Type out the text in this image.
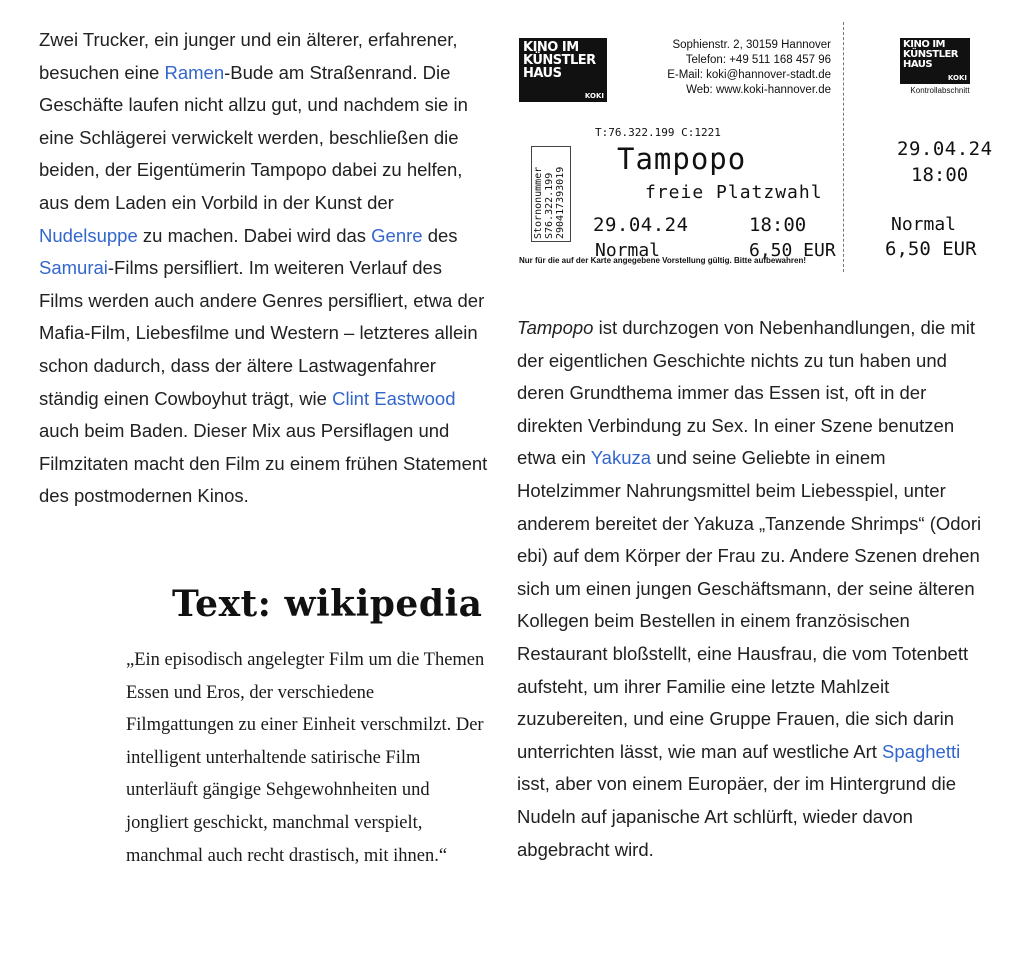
Zwei Trucker, ein junger und ein älterer, erfahrener, besuchen eine Ramen-Bude am Straßenrand. Die Geschäfte laufen nicht allzu gut, und nachdem sie in eine Schlägerei verwickelt werden, beschließen die beiden, der Eigentümerin Tampopo dabei zu helfen, aus dem Laden ein Vorbild in der Kunst der Nudelsuppe zu machen. Dabei wird das Genre des Samurai-Films persifliert. Im weiteren Verlauf des Films werden auch andere Genres persifliert, etwa der Mafia-Film, Liebesfilme und Western – letzteres allein schon dadurch, dass der ältere Lastwagenfahrer ständig einen Cowboyhut trägt, wie Clint Eastwood auch beim Baden. Dieser Mix aus Persiflagen und Filmzitaten macht den Film zu einem frühen Statement des postmodernen Kinos.

Text: wikipedia

„Ein episodisch angelegter Film um die Themen Essen und Eros, der verschiedene Filmgattungen zu einer Einheit verschmilzt. Der intelligent unterhaltende satirische Film unterläuft gängige Sehgewohnheiten und jongliert geschickt, manchmal verspielt, manchmal auch recht drastisch, mit ihnen.“

KINO IM
KÜNSTLER
HAUS
KOKI
Sophienstr. 2, 30159 Hannover
Telefon: +49 511 168 457 96
E-Mail: koki@hannover-stadt.de
Web: www.koki-hannover.de
KINO IM
KÜNSTLER
HAUS
KOKI
Kontrollabschnitt
Stornonummer S76.322.199 290417393019
T:76.322.199 C:1221
Tampopo
freie Platzwahl
29.04.24	18:00
Normal	6,50 EUR
29.04.24
18:00
Normal
6,50 EUR
Nur für die auf der Karte angegebene Vorstellung gültig. Bitte aufbewahren!

Tampopo ist durchzogen von Nebenhandlungen, die mit der eigentlichen Geschichte nichts zu tun haben und deren Grundthema immer das Essen ist, oft in der direkten Verbindung zu Sex. In einer Szene benutzen etwa ein Yakuza und seine Geliebte in einem Hotelzimmer Nahrungsmittel beim Liebesspiel, unter anderem bereitet der Yakuza „Tanzende Shrimps“ (Odori ebi) auf dem Körper der Frau zu. Andere Szenen drehen sich um einen jungen Geschäftsmann, der seine älteren Kollegen beim Bestellen in einem französischen Restaurant bloßstellt, eine Hausfrau, die vom Totenbett aufsteht, um ihrer Familie eine letzte Mahlzeit zuzubereiten, und eine Gruppe Frauen, die sich darin unterrichten lässt, wie man auf westliche Art Spaghetti isst, aber von einem Europäer, der im Hintergrund die Nudeln auf japanische Art schlürft, wieder davon abgebracht wird.
